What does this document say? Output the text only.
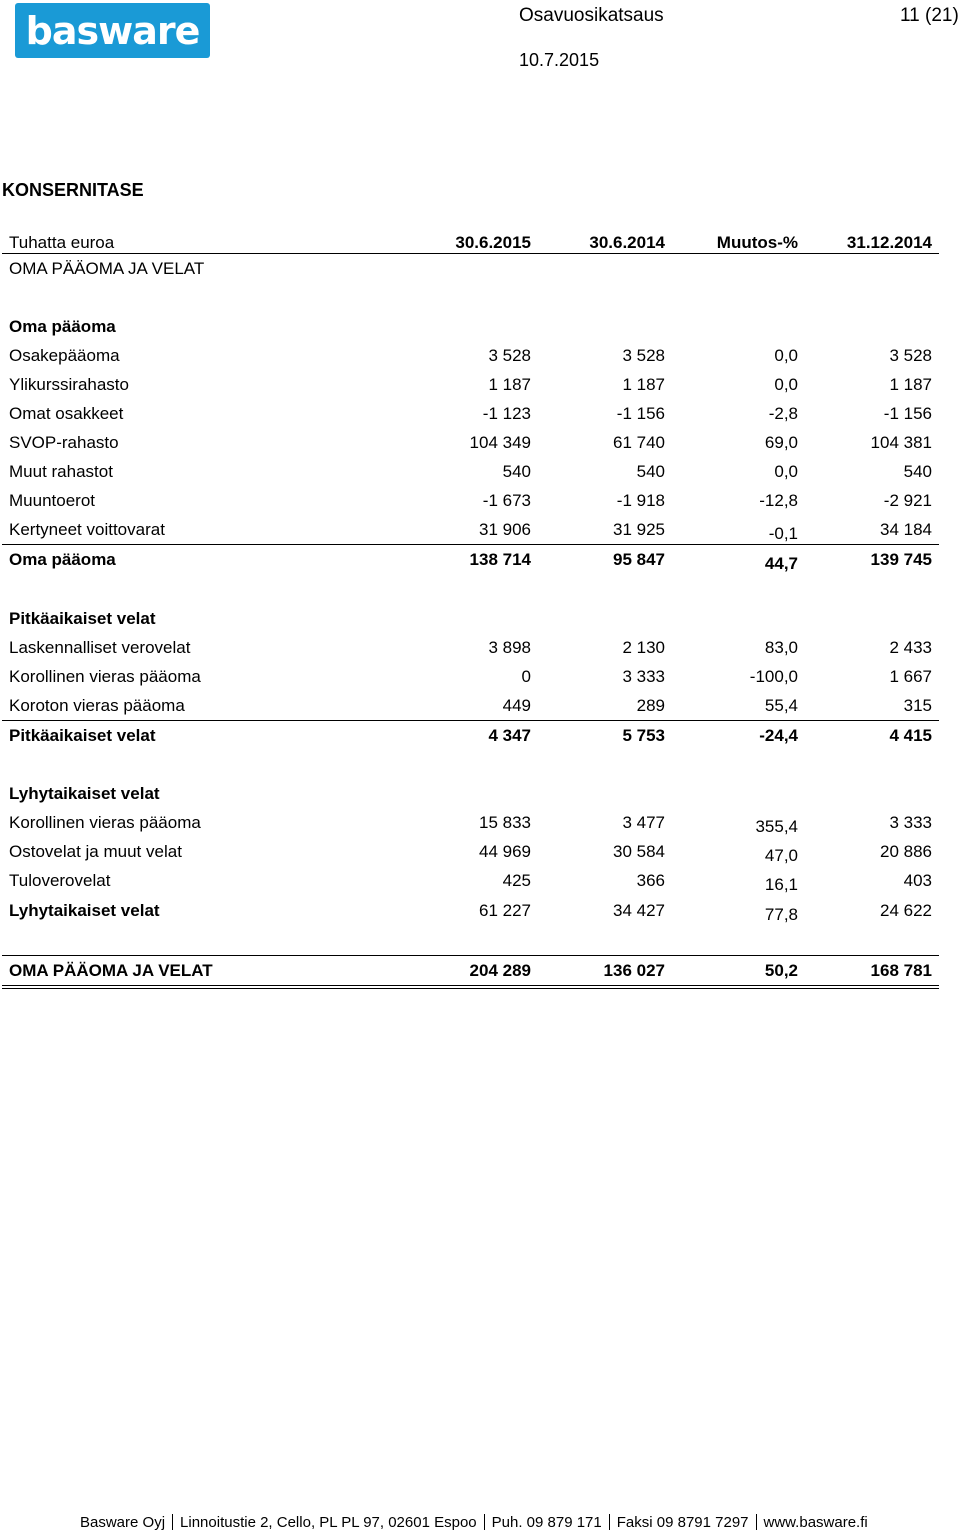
basware	Osavuosikatsaus	11 (21)
10.7.2015
KONSERNITASE
Tuhatta euroa	30.6.2015	30.6.2014	Muutos-%	31.12.2014
OMA PÄÄOMA JA VELAT
Oma pääoma
Osakepääoma	3 528	3 528	0,0	3 528
Ylikurssirahasto	1 187	1 187	0,0	1 187
Omat osakkeet	-1 123	-1 156	-2,8	-1 156
SVOP-rahasto	104 349	61 740	69,0	104 381
Muut rahastot	540	540	0,0	540
Muuntoerot	-1 673	-1 918	-12,8	-2 921
Kertyneet voittovarat	31 906	31 925	-0,1	34 184
Oma pääoma	138 714	95 847	44,7	139 745
Pitkäaikaiset velat
Laskennalliset verovelat	3 898	2 130	83,0	2 433
Korollinen vieras pääoma	0	3 333	-100,0	1 667
Koroton vieras pääoma	449	289	55,4	315
Pitkäaikaiset velat	4 347	5 753	-24,4	4 415
Lyhytaikaiset velat
Korollinen vieras pääoma	15 833	3 477	355,4	3 333
Ostovelat ja muut velat	44 969	30 584	47,0	20 886
Tuloverovelat	425	366	16,1	403
Lyhytaikaiset velat	61 227	34 427	77,8	24 622
OMA PÄÄOMA JA VELAT	204 289	136 027	50,2	168 781
Basware Oyj Linnoitustie 2, Cello, PL PL 97, 02601 Espoo Puh. 09 879 171 Faksi 09 8791 7297 www.basware.fi
